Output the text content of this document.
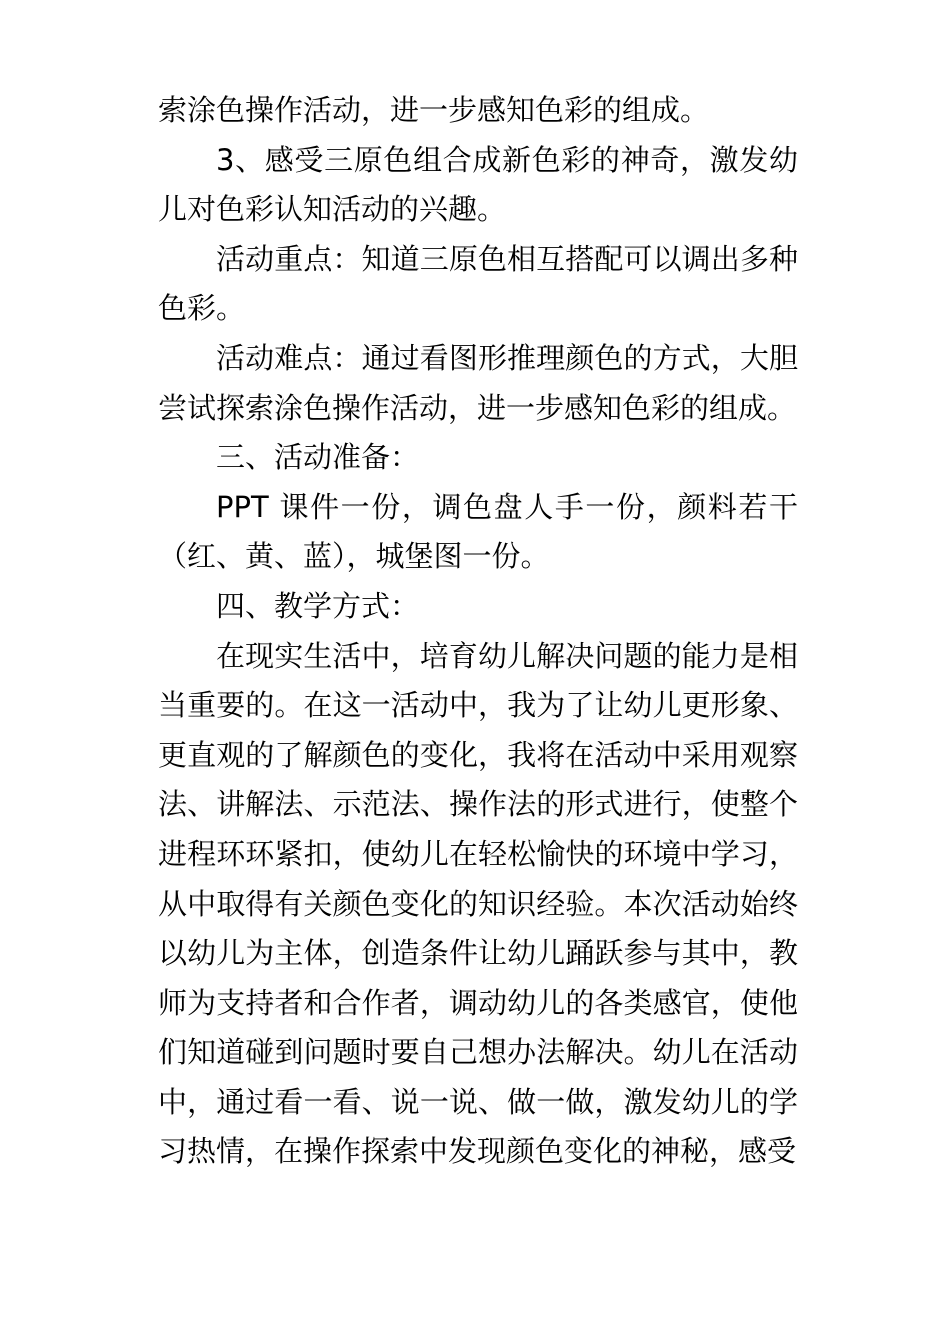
索涂色操作活动，进一步感知色彩的组成。

3、感受三原色组合成新色彩的神奇，激发幼儿对色彩认知活动的兴趣。

活动重点：知道三原色相互搭配可以调出多种色彩。

活动难点：通过看图形推理颜色的方式，大胆尝试探索涂色操作活动，进一步感知色彩的组成。

三、活动准备：

PPT 课件一份，调色盘人手一份，颜料若干（红、黄、蓝），城堡图一份。

四、教学方式：

在现实生活中，培育幼儿解决问题的能力是相当重要的。在这一活动中，我为了让幼儿更形象、更直观的了解颜色的变化，我将在活动中采用观察法、讲解法、示范法、操作法的形式进行，使整个进程环环紧扣，使幼儿在轻松愉快的环境中学习，从中取得有关颜色变化的知识经验。本次活动始终以幼儿为主体，创造条件让幼儿踊跃参与其中，教师为支持者和合作者，调动幼儿的各类感官，使他们知道碰到问题时要自己想办法解决。幼儿在活动中，通过看一看、说一说、做一做，激发幼儿的学习热情，在操作探索中发现颜色变化的神秘，感受
